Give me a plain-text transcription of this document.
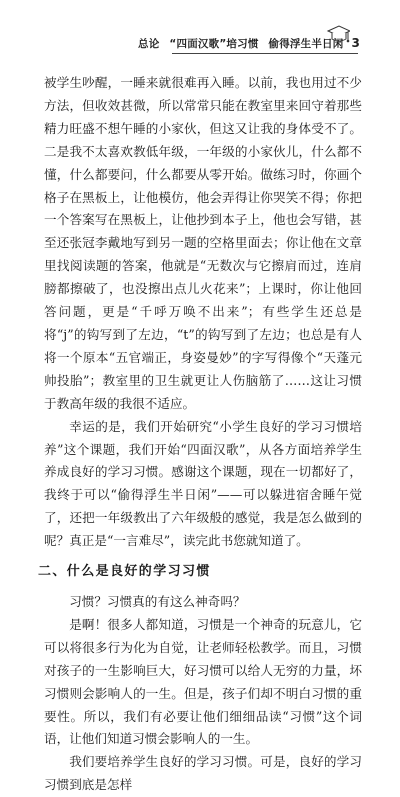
总论 “四面汉歌”培习惯 偷得浮生半日闲 3

被学生吵醒，一睡来就很难再入睡。以前，我也用过不少方法，但收效甚微，所以常常只能在教室里来回守着那些精力旺盛不想午睡的小家伙，但这又让我的身体受不了。二是我不太喜欢教低年级，一年级的小家伙儿，什么都不懂，什么都要问，什么都要从零开始。做练习时，你画个格子在黑板上，让他模仿，他会弄得让你哭笑不得；你把一个答案写在黑板上，让他抄到本子上，他也会写错，甚至还张冠李戴地写到另一题的空格里面去；你让他在文章里找阅读题的答案，他就是“无数次与它擦肩而过，连肩膀都擦破了，也没擦出点儿火花来”；上课时，你让他回答问题，更是“千呼万唤不出来”；有些学生还总是将“j”的钩写到了左边，“t”的钩写到了左边；也总是有人将一个原本“五官端正，身姿曼妙”的字写得像个“天蓬元帅投胎”；教室里的卫生就更让人伤脑筋了……这让习惯于教高年级的我很不适应。

幸运的是，我们开始研究“小学生良好的学习习惯培养”这个课题，我们开始“四面汉歌”，从各方面培养学生养成良好的学习习惯。感谢这个课题，现在一切都好了，我终于可以“偷得浮生半日闲”——可以躲进宿舍睡午觉了，还把一年级教出了六年级般的感觉，我是怎么做到的呢？真正是“一言难尽”，读完此书您就知道了。

二、什么是良好的学习习惯

习惯？习惯真的有这么神奇吗？

是啊！很多人都知道，习惯是一个神奇的玩意儿，它可以将很多行为化为自觉，让老师轻松教学。而且，习惯对孩子的一生影响巨大，好习惯可以给人无穷的力量，坏习惯则会影响人的一生。但是，孩子们却不明白习惯的重要性。所以，我们有必要让他们细细品读“习惯”这个词语，让他们知道习惯会影响人的一生。

我们要培养学生良好的学习习惯。可是，良好的学习习惯到底是怎样
